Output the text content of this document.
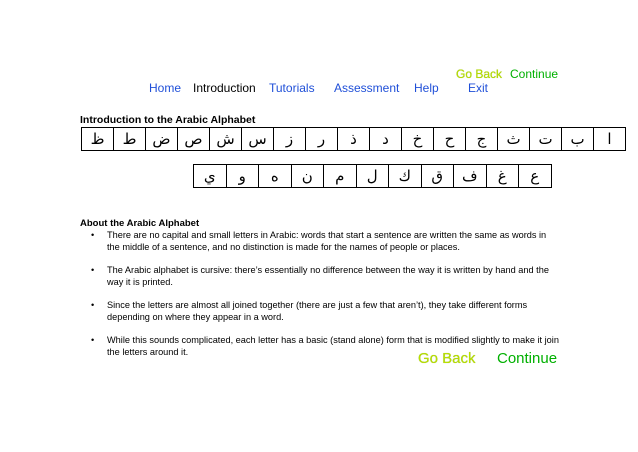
Go Back Continue
Home Introduction Tutorials Assessment Help Exit
Introduction to the Arabic Alphabet
ظ	ط	ض ص ش س	ز	ر	ذ	د	خ	ح	ج	ث	ت	ب	ا
ي	و	ه	ن	م	ل	ك	ق	ف	غ	ع
About the Arabic Alphabet
• There are no capital and small letters in Arabic: words that start a sentence are written the same as words in the middle of a sentence, and no distinction is made for the names of people or places.
• The Arabic alphabet is cursive: there’s essentially no difference between the way it is written by hand and the way it is printed.
• Since the letters are almost all joined together (there are just a few that aren’t), they take different forms depending on where they appear in a word.
• While this sounds complicated, each letter has a basic (stand alone) form that is modified slightly to make it join the letters around it.	Go Back Continue
